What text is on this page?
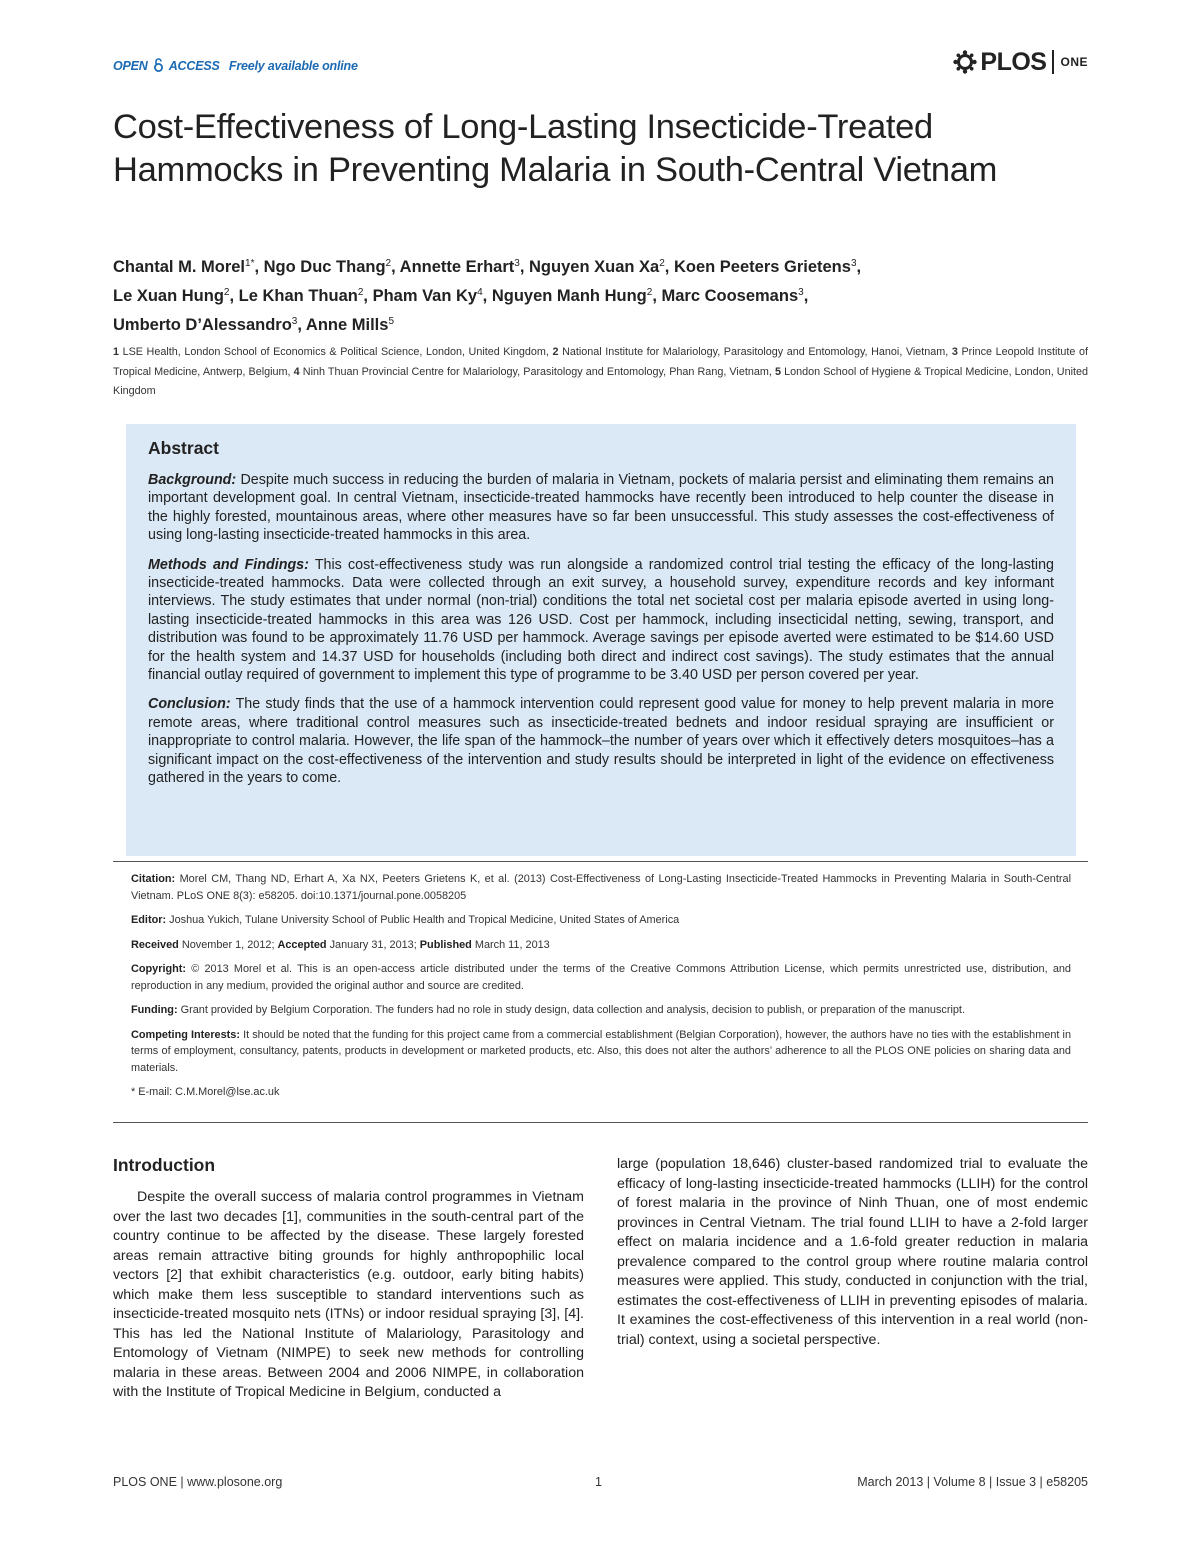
OPEN ACCESS Freely available online	PLOS ONE
Cost-Effectiveness of Long-Lasting Insecticide-Treated Hammocks in Preventing Malaria in South-Central Vietnam
Chantal M. Morel$^{1*}$, Ngo Duc Thang$^2$, Annette Erhart$^3$, Nguyen Xuan Xa$^2$, Koen Peeters Grietens$^3$,
Le Xuan Hung$^2$, Le Khan Thuan$^2$, Pham Van Ky$^4$, Nguyen Manh Hung$^2$, Marc Coosemans$^3$,
Umberto D’Alessandro$^3$, Anne Mills$^5$
1 LSE Health, London School of Economics & Political Science, London, United Kingdom, 2 National Institute for Malariology, Parasitology and Entomology, Hanoi, Vietnam, 3 Prince Leopold Institute of Tropical Medicine, Antwerp, Belgium, 4 Ninh Thuan Provincial Centre for Malariology, Parasitology and Entomology, Phan Rang, Vietnam, 5 London School of Hygiene & Tropical Medicine, London, United Kingdom
Abstract

Background: Despite much success in reducing the burden of malaria in Vietnam, pockets of malaria persist and eliminating them remains an important development goal. In central Vietnam, insecticide-treated hammocks have recently been introduced to help counter the disease in the highly forested, mountainous areas, where other measures have so far been unsuccessful. This study assesses the cost-effectiveness of using long-lasting insecticide-treated hammocks in this area.

Methods and Findings: This cost-effectiveness study was run alongside a randomized control trial testing the efficacy of the long-lasting insecticide-treated hammocks. Data were collected through an exit survey, a household survey, expenditure records and key informant interviews. The study estimates that under normal (non-trial) conditions the total net societal cost per malaria episode averted in using long-lasting insecticide-treated hammocks in this area was 126 USD. Cost per hammock, including insecticidal netting, sewing, transport, and distribution was found to be approximately 11.76 USD per hammock. Average savings per episode averted were estimated to be $14.60 USD for the health system and 14.37 USD for households (including both direct and indirect cost savings). The study estimates that the annual financial outlay required of government to implement this type of programme to be 3.40 USD per person covered per year.

Conclusion: The study finds that the use of a hammock intervention could represent good value for money to help prevent malaria in more remote areas, where traditional control measures such as insecticide-treated bednets and indoor residual spraying are insufficient or inappropriate to control malaria. However, the life span of the hammock–the number of years over which it effectively deters mosquitoes–has a significant impact on the cost-effectiveness of the intervention and study results should be interpreted in light of the evidence on effectiveness gathered in the years to come.

Citation: Morel CM, Thang ND, Erhart A, Xa NX, Peeters Grietens K, et al. (2013) Cost-Effectiveness of Long-Lasting Insecticide-Treated Hammocks in Preventing Malaria in South-Central Vietnam. PLoS ONE 8(3): e58205. doi:10.1371/journal.pone.0058205

Editor: Joshua Yukich, Tulane University School of Public Health and Tropical Medicine, United States of America

Received November 1, 2012; Accepted January 31, 2013; Published March 11, 2013

Copyright: © 2013 Morel et al. This is an open-access article distributed under the terms of the Creative Commons Attribution License, which permits unrestricted use, distribution, and reproduction in any medium, provided the original author and source are credited.

Funding: Grant provided by Belgium Corporation. The funders had no role in study design, data collection and analysis, decision to publish, or preparation of the manuscript.

Competing Interests: It should be noted that the funding for this project came from a commercial establishment (Belgian Corporation), however, the authors have no ties with the establishment in terms of employment, consultancy, patents, products in development or marketed products, etc. Also, this does not alter the authors’ adherence to all the PLOS ONE policies on sharing data and materials.

* E-mail: C.M.Morel@lse.ac.uk

Introduction

Despite the overall success of malaria control programmes in Vietnam over the last two decades [1], communities in the south-central part of the country continue to be affected by the disease. These largely forested areas remain attractive biting grounds for highly anthropophilic local vectors [2] that exhibit characteristics (e.g. outdoor, early biting habits) which make them less susceptible to standard interventions such as insecticide-treated mosquito nets (ITNs) or indoor residual spraying [3], [4]. This has led the National Institute of Malariology, Parasitology and Entomology of Vietnam (NIMPE) to seek new methods for controlling malaria in these areas. Between 2004 and 2006 NIMPE, in collaboration with the Institute of Tropical Medicine in Belgium, conducted a

large (population 18,646) cluster-based randomized trial to evaluate the efficacy of long-lasting insecticide-treated hammocks (LLIH) for the control of forest malaria in the province of Ninh Thuan, one of most endemic provinces in Central Vietnam. The trial found LLIH to have a 2-fold larger effect on malaria incidence and a 1.6-fold greater reduction in malaria prevalence compared to the control group where routine malaria control measures were applied. This study, conducted in conjunction with the trial, estimates the cost-effectiveness of LLIH in preventing episodes of malaria. It examines the cost-effectiveness of this intervention in a real world (non-trial) context, using a societal perspective.

PLOS ONE | www.plosone.org	1	March 2013 | Volume 8 | Issue 3 | e58205
